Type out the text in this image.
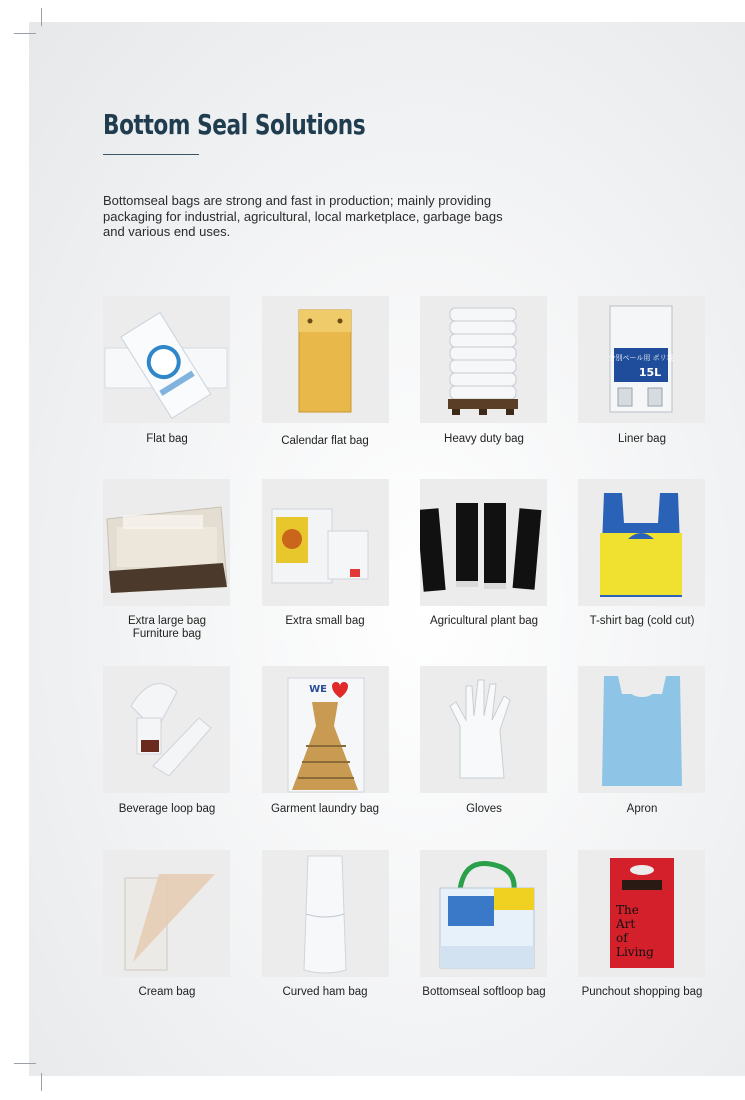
Bottom Seal Solutions

Bottomseal bags are strong and fast in production; mainly providing packaging for industrial, agricultural, local marketplace, garbage bags and various end uses.

Flat bag	Calendar flat bag	Heavy duty bag
分別ペール用 ポリ袋
15L
Liner bag
Extra large bag
Furniture bag
Extra small bag	Agricultural plant bag	T-shirt bag (cold cut)
Beverage loop bag
WE
Garment laundry bag	Gloves	Apron
Cream bag	Curved ham bag	Bottomseal softloop bag
The
Art
of
Living
Punchout shopping bag
